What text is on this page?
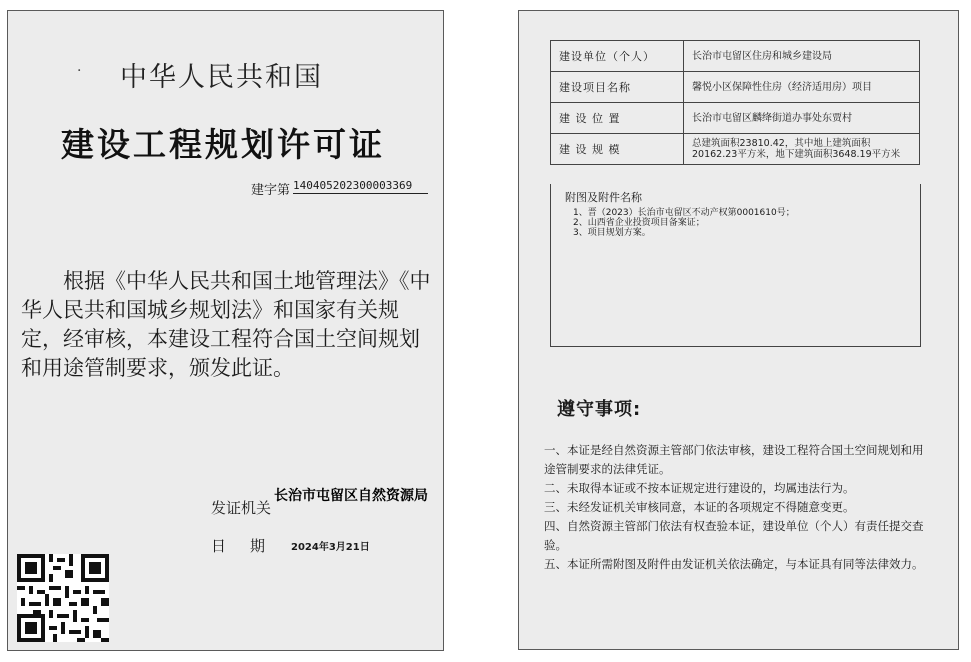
· 中华人民共和国
建设工程规划许可证
建字第 140405202300003369
根据《中华人民共和国土地管理法》《中华人民共和国城乡规划法》和国家有关规定，经审核，本建设工程符合国土空间规划和用途管制要求，颁发此证。
发证机关
长治市屯留区自然资源局
日期 2024年3月21日
建设单位（个人）	长治市屯留区住房和城乡建设局
建设项目名称	馨悦小区保障性住房（经济适用房）项目
建 设 位 置	长治市屯留区麟绛街道办事处东贾村
建 设 规 模	总建筑面积23810.42，其中地上建筑面积20162.23平方米，地下建筑面积3648.19平方米
附图及附件名称
1、晋（2023）长治市屯留区不动产权第0001610号；
2、山西省企业投资项目备案证；
3、项目规划方案。
遵守事项:
一、本证是经自然资源主管部门依法审核，建设工程符合国土空间规划和用途管制要求的法律凭证。
二、未取得本证或不按本证规定进行建设的，均属违法行为。
三、未经发证机关审核同意，本证的各项规定不得随意变更。
四、自然资源主管部门依法有权查验本证，建设单位（个人）有责任提交查验。
五、本证所需附图及附件由发证机关依法确定，与本证具有同等法律效力。
